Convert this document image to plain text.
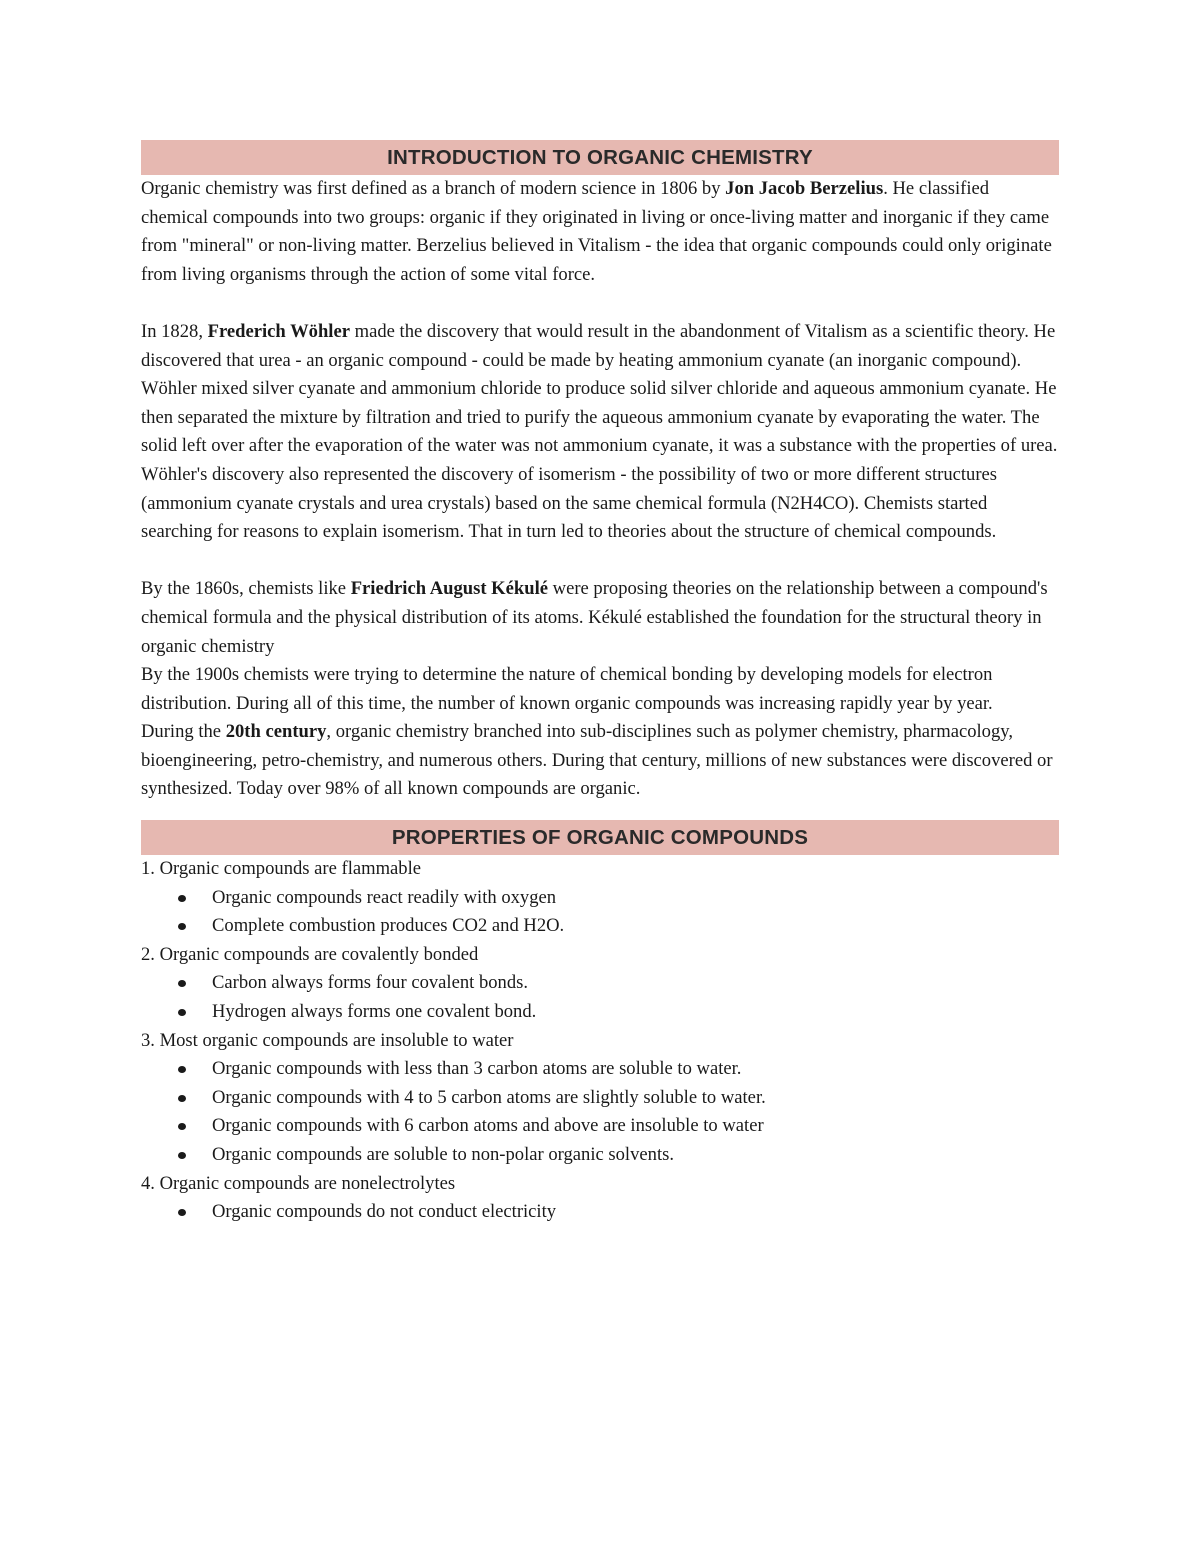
INTRODUCTION TO ORGANIC CHEMISTRY

Organic chemistry was first defined as a branch of modern science in 1806 by Jon Jacob Berzelius. He classified chemical compounds into two groups: organic if they originated in living or once-living matter and inorganic if they came from "mineral" or non-living matter. Berzelius believed in Vitalism - the idea that organic compounds could only originate from living organisms through the action of some vital force.

In 1828, Frederich Wöhler made the discovery that would result in the abandonment of Vitalism as a scientific theory. He discovered that urea - an organic compound - could be made by heating ammonium cyanate (an inorganic compound). Wöhler mixed silver cyanate and ammonium chloride to produce solid silver chloride and aqueous ammonium cyanate. He then separated the mixture by filtration and tried to purify the aqueous ammonium cyanate by evaporating the water. The solid left over after the evaporation of the water was not ammonium cyanate, it was a substance with the properties of urea. Wöhler's discovery also represented the discovery of isomerism - the possibility of two or more different structures (ammonium cyanate crystals and urea crystals) based on the same chemical formula (N2H4CO). Chemists started searching for reasons to explain isomerism. That in turn led to theories about the structure of chemical compounds.

By the 1860s, chemists like Friedrich August Kékulé were proposing theories on the relationship between a compound's chemical formula and the physical distribution of its atoms. Kékulé established the foundation for the structural theory in organic chemistry

By the 1900s chemists were trying to determine the nature of chemical bonding by developing models for electron distribution. During all of this time, the number of known organic compounds was increasing rapidly year by year.

During the 20th century, organic chemistry branched into sub-disciplines such as polymer chemistry, pharmacology, bioengineering, petro-chemistry, and numerous others. During that century, millions of new substances were discovered or synthesized. Today over 98% of all known compounds are organic.

PROPERTIES OF ORGANIC COMPOUNDS
1. Organic compounds are flammable
Organic compounds react readily with oxygen
Complete combustion produces CO2 and H2O.
2. Organic compounds are covalently bonded
Carbon always forms four covalent bonds.
Hydrogen always forms one covalent bond.
3. Most organic compounds are insoluble to water
Organic compounds with less than 3 carbon atoms are soluble to water.
Organic compounds with 4 to 5 carbon atoms are slightly soluble to water.
Organic compounds with 6 carbon atoms and above are insoluble to water
Organic compounds are soluble to non-polar organic solvents.
4. Organic compounds are nonelectrolytes
Organic compounds do not conduct electricity
